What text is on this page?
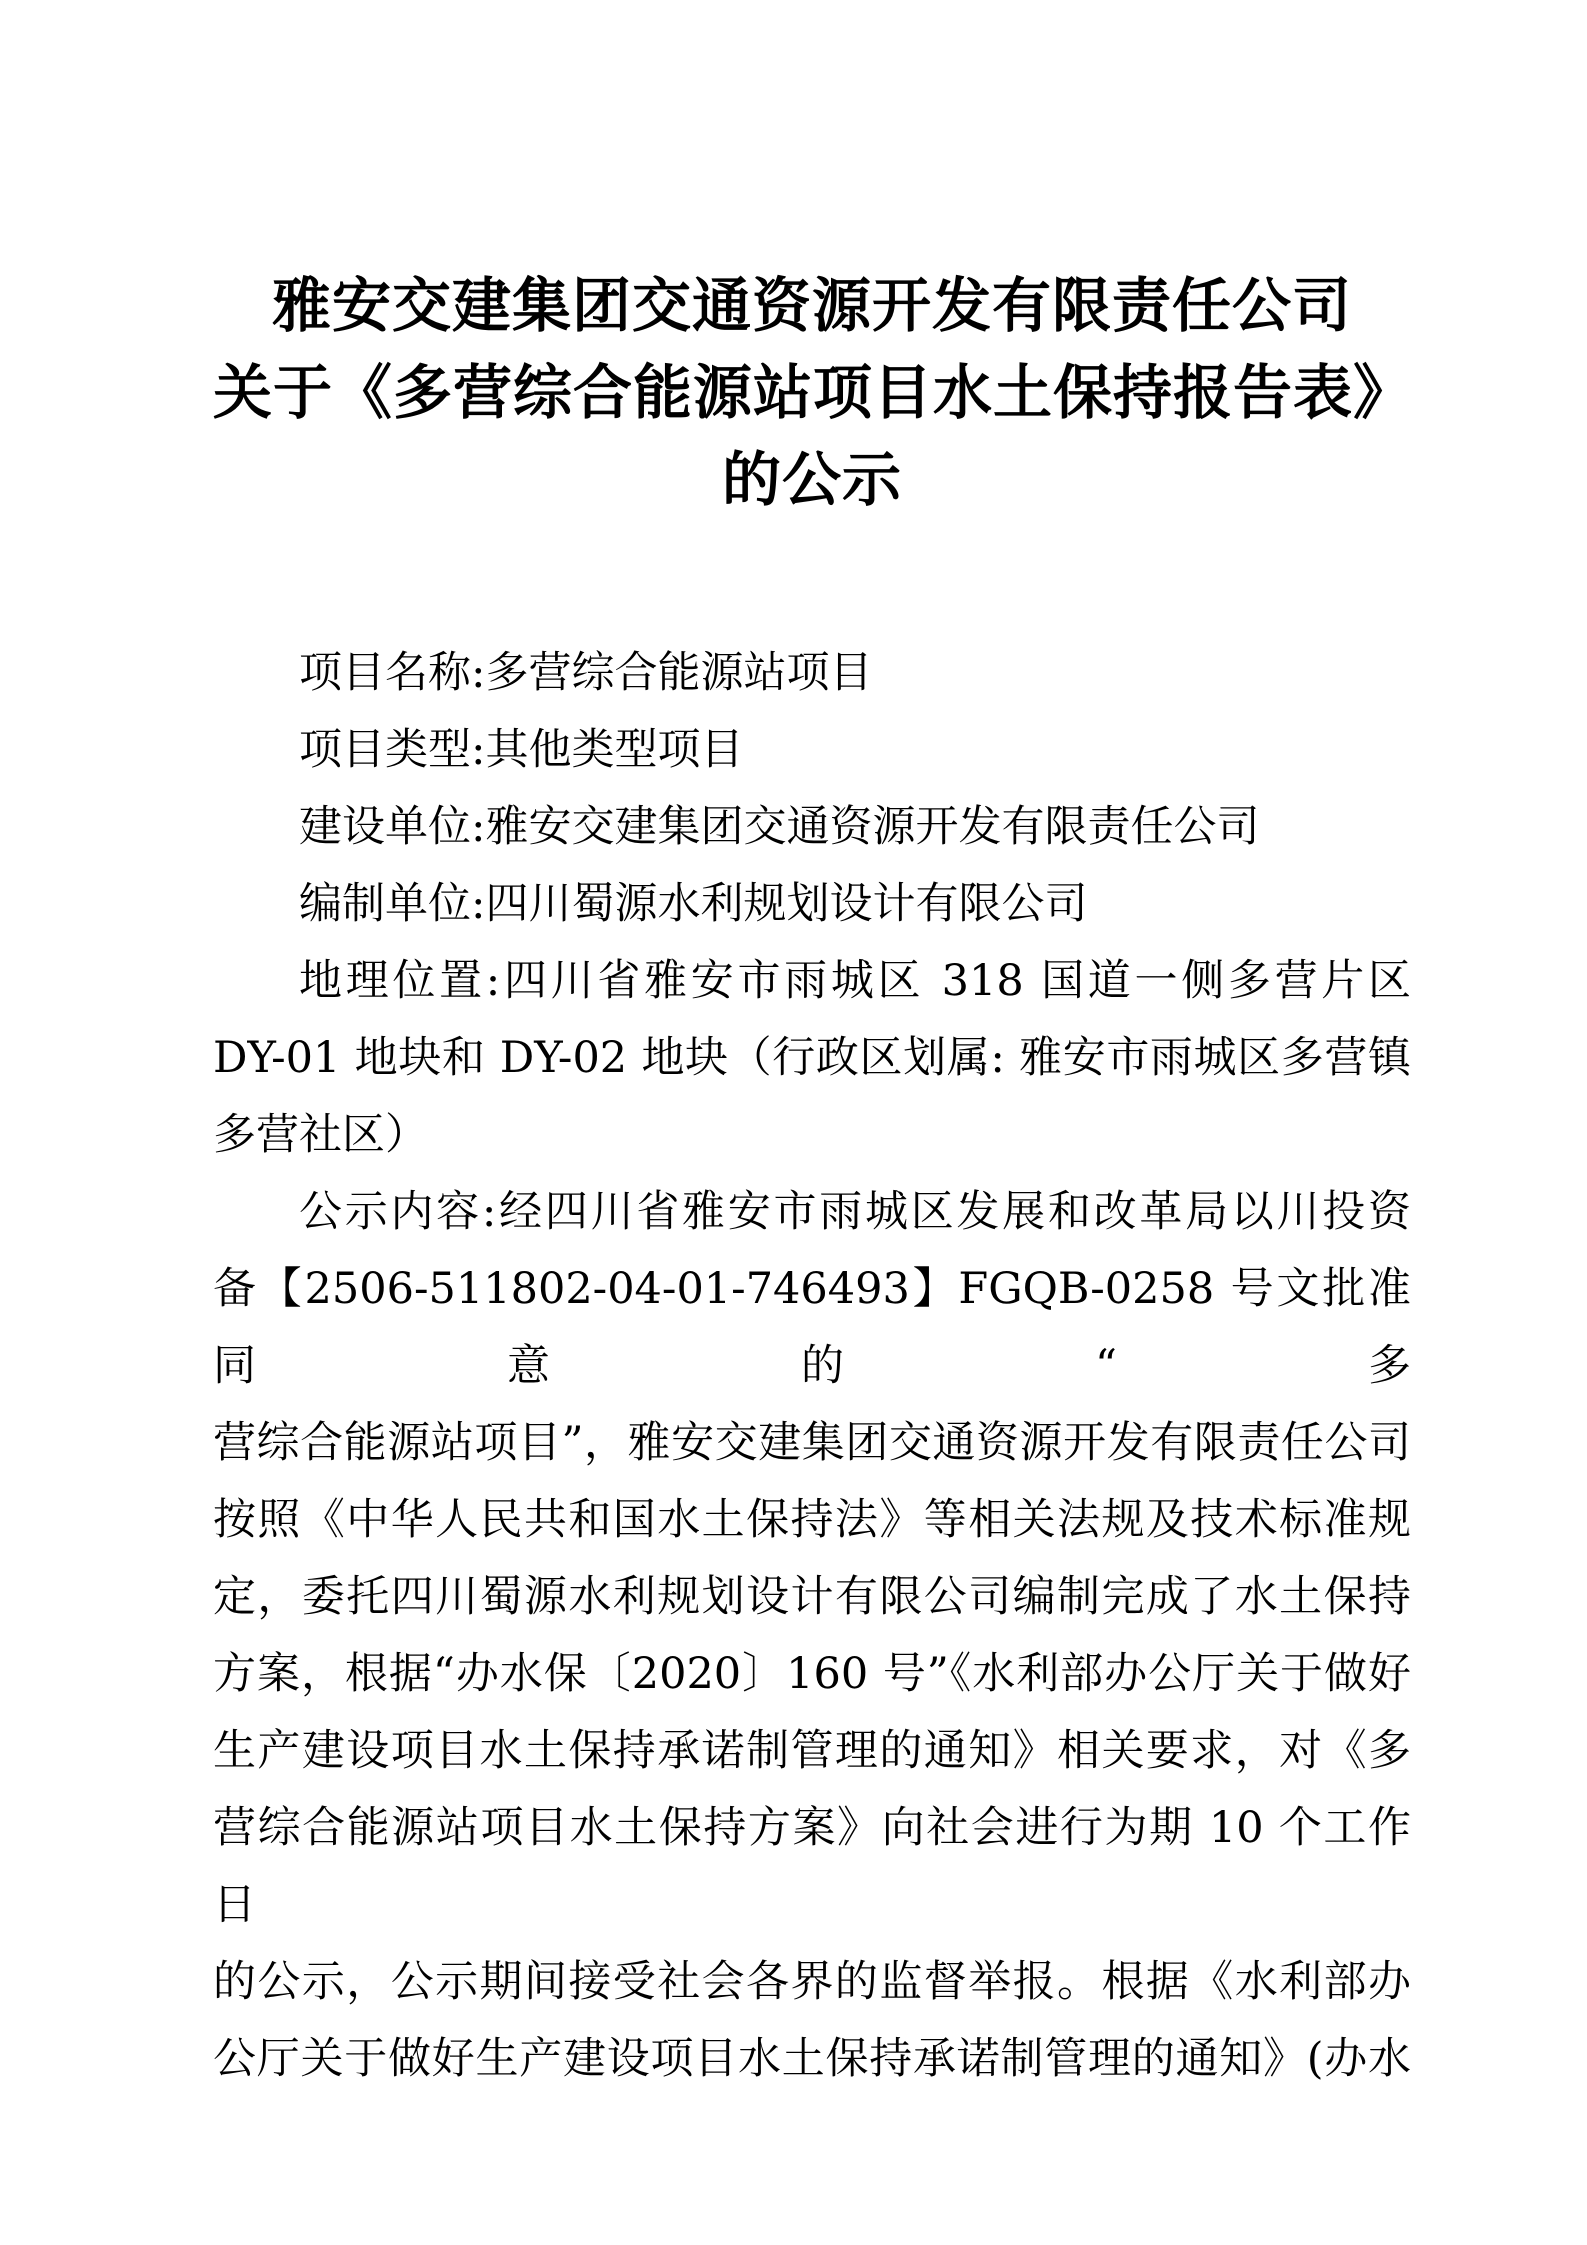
雅安交建集团交通资源开发有限责任公司
关于《多营综合能源站项目水土保持报告表》
的公示

项目名称:多营综合能源站项目

项目类型:其他类型项目

建设单位:雅安交建集团交通资源开发有限责任公司

编制单位:四川蜀源水利规划设计有限公司

地理位置:四川省雅安市雨城区 318 国道一侧多营片区

DY-01 地块和 DY-02 地块（行政区划属: 雅安市雨城区多营镇

多营社区）

公示内容:经四川省雅安市雨城区发展和改革局以川投资

备【2506-511802-04-01-746493】FGQB-0258 号文批准同意的“多

营综合能源站项目”，雅安交建集团交通资源开发有限责任公司

按照《中华人民共和国水土保持法》等相关法规及技术标准规

定，委托四川蜀源水利规划设计有限公司编制完成了水土保持

方案，根据“办水保〔2020〕160 号”《水利部办公厅关于做好

生产建设项目水土保持承诺制管理的通知》相关要求，对《多

营综合能源站项目水土保持方案》向社会进行为期 10 个工作日

的公示，公示期间接受社会各界的监督举报。根据《水利部办

公厅关于做好生产建设项目水土保持承诺制管理的通知》(办水
